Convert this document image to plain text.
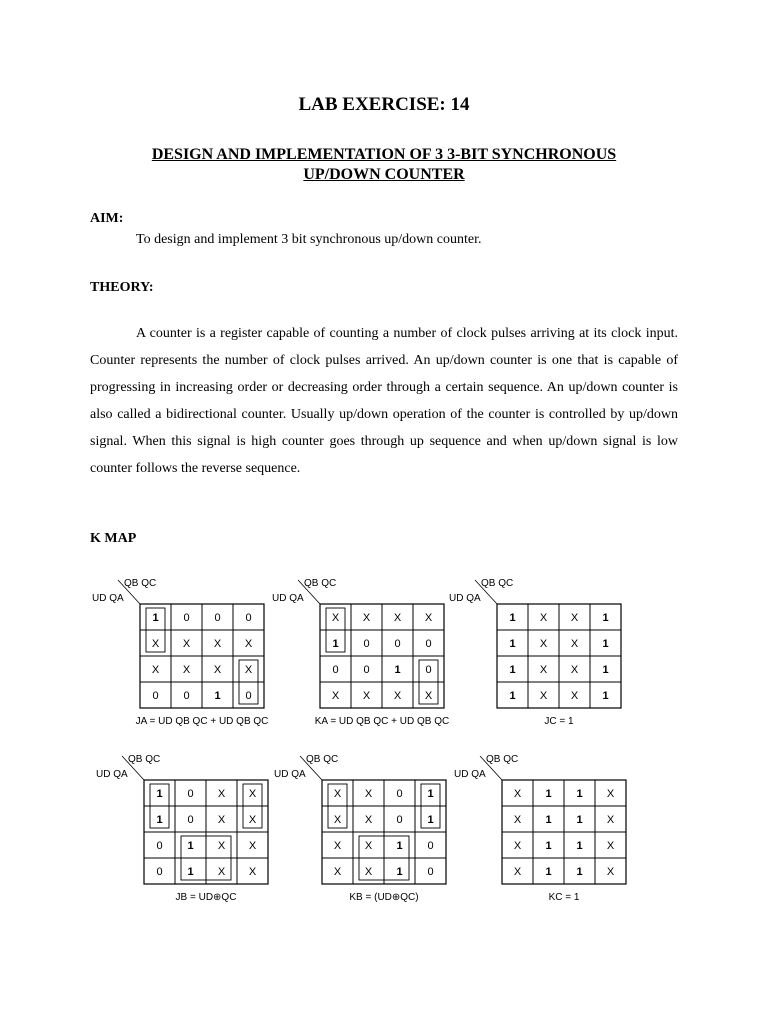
LAB EXERCISE: 14
DESIGN AND IMPLEMENTATION OF 3 3-BIT SYNCHRONOUS
UP/DOWN COUNTER
AIM:
To design and implement 3 bit synchronous up/down counter.
THEORY:

A counter is a register capable of counting a number of clock pulses arriving at its clock input. Counter represents the number of clock pulses arrived. An up/down counter is one that is capable of progressing in increasing order or decreasing order through a certain sequence. An up/down counter is also called a bidirectional counter. Usually up/down operation of the counter is controlled by up/down signal. When this signal is high counter goes through up sequence and when up/down signal is low counter follows the reverse sequence.

K MAP
QB QC
UD QA
1 0 0 0
X X X X
X X X X
0 0 1 0
JA = UD QB QC + UD QB QC
QB QC
UD QA
X X X X
1 0 0 0
0 0 1 0
X X X X
KA = UD QB QC + UD QB QC
QB QC
UD QA
1 X X 1
1 X X 1
1 X X 1
1 X X 1
JC = 1
QB QC
UD QA
1 0 X X
1 0 X X
0 1 X X
0 1 X X
JB = UD⊕QC
QB QC
UD QA
X X 0 1
X X 0 1
X X 1 0
X X 1 0
KB = (UD⊕QC)
QB QC
UD QA
X 1 1 X
X 1 1 X
X 1 1 X
X 1 1 X
KC = 1
